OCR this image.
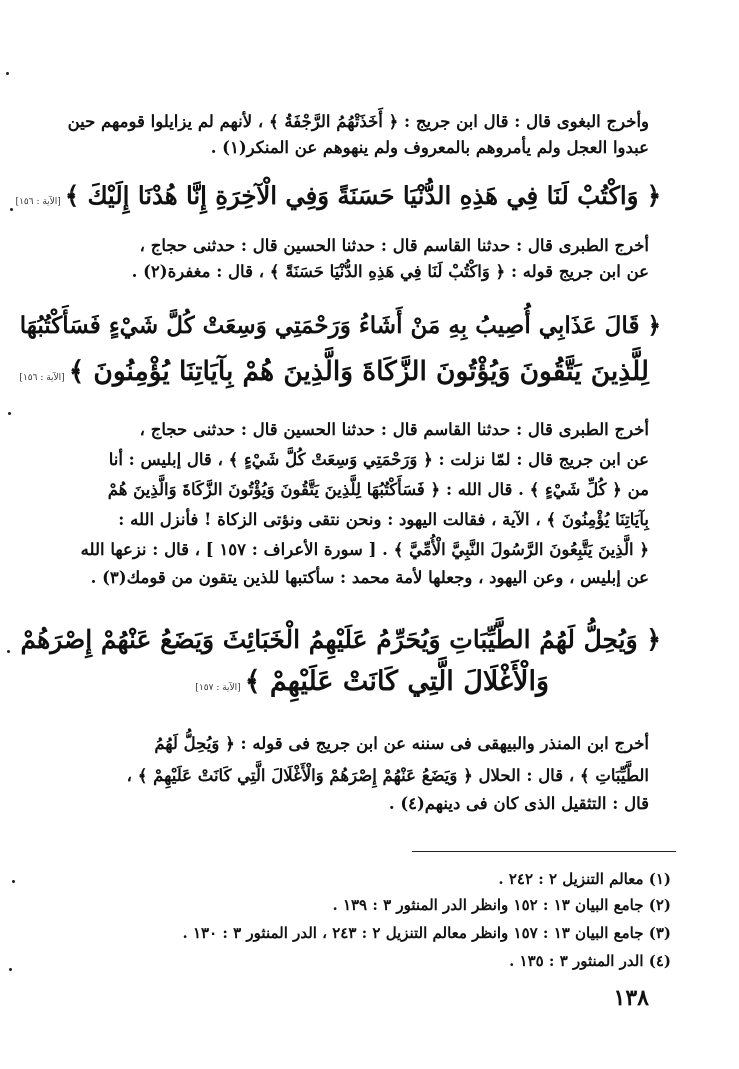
وأخرج البغوى قال : قال ابن جريج : ﴿ أَخَذَتْهُمُ الرَّجْفَةُ ﴾ ، لأنهم لم يزايلوا قومهم حين
عبدوا العجل ولم يأمروهم بالمعروف ولم ينهوهم عن المنكر(١) .
﴿ وَاكْتُبْ لَنَا فِي هَذِهِ الدُّنْيَا حَسَنَةً وَفِي الْآخِرَةِ إِنَّا هُدْنَا إِلَيْكَ ﴾[الآية : ١٥٦]
أخرج الطبرى قال : حدثنا القاسم قال : حدثنا الحسين قال : حدثنى حجاج ،
عن ابن جريج قوله : ﴿ وَاكْتُبْ لَنَا فِي هَذِهِ الدُّنْيَا حَسَنَةً ﴾ ، قال : مغفرة(٢) .
﴿ قَالَ عَذَابِي أُصِيبُ بِهِ مَنْ أَشَاءُ وَرَحْمَتِي وَسِعَتْ كُلَّ شَيْءٍ فَسَأَكْتُبُهَا
لِلَّذِينَ يَتَّقُونَ وَيُؤْتُونَ الزَّكَاةَ وَالَّذِينَ هُمْ بِآيَاتِنَا يُؤْمِنُونَ ﴾[الآية : ١٥٦]
أخرج الطبرى قال : حدثنا القاسم قال : حدثنا الحسين قال : حدثنى حجاج ،
عن ابن جريج قال : لمّا نزلت : ﴿ وَرَحْمَتِي وَسِعَتْ كُلَّ شَيْءٍ ﴾ ، قال إبليس : أنا
من ﴿ كُلِّ شَيْءٍ ﴾ . قال الله : ﴿ فَسَأَكْتُبُهَا لِلَّذِينَ يَتَّقُونَ وَيُؤْتُونَ الزَّكَاةَ وَالَّذِينَ هُمْ
بِآيَاتِنَا يُؤْمِنُونَ ﴾ ، الآية ، فقالت اليهود : ونحن نتقى ونؤتى الزكاة ! فأنزل الله :
﴿ الَّذِينَ يَتَّبِعُونَ الرَّسُولَ النَّبِيَّ الْأُمِّيَّ ﴾ . [ سورة الأعراف : ١٥٧ ] ، قال : نزعها الله
عن إبليس ، وعن اليهود ، وجعلها لأمة محمد : سأكتبها للذين يتقون من قومك(٣) .
﴿ وَيُحِلُّ لَهُمُ الطَّيِّبَاتِ وَيُحَرِّمُ عَلَيْهِمُ الْخَبَائِثَ وَيَضَعُ عَنْهُمْ إِصْرَهُمْ
وَالْأَغْلَالَ الَّتِي كَانَتْ عَلَيْهِمْ ﴾[الآية : ١٥٧]
أخرج ابن المنذر والبيهقى فى سننه عن ابن جريج فى قوله : ﴿ وَيُحِلُّ لَهُمُ
الطَّيِّبَاتِ ﴾ ، قال : الحلال ﴿ وَيَضَعُ عَنْهُمْ إِصْرَهُمْ وَالْأَغْلَالَ الَّتِي كَانَتْ عَلَيْهِمْ ﴾ ،
قال : التثقيل الذى كان فى دينهم(٤) .
(١) معالم التنزيل ٢ : ٢٤٢ .
(٢) جامع البيان ١٣ : ١٥٢ وانظر الدر المنثور ٣ : ١٣٩ .
(٣) جامع البيان ١٣ : ١٥٧ وانظر معالم التنزيل ٢ : ٢٤٣ ، الدر المنثور ٣ : ١٣٠ .
(٤) الدر المنثور ٣ : ١٣٥ .
١٣٨
